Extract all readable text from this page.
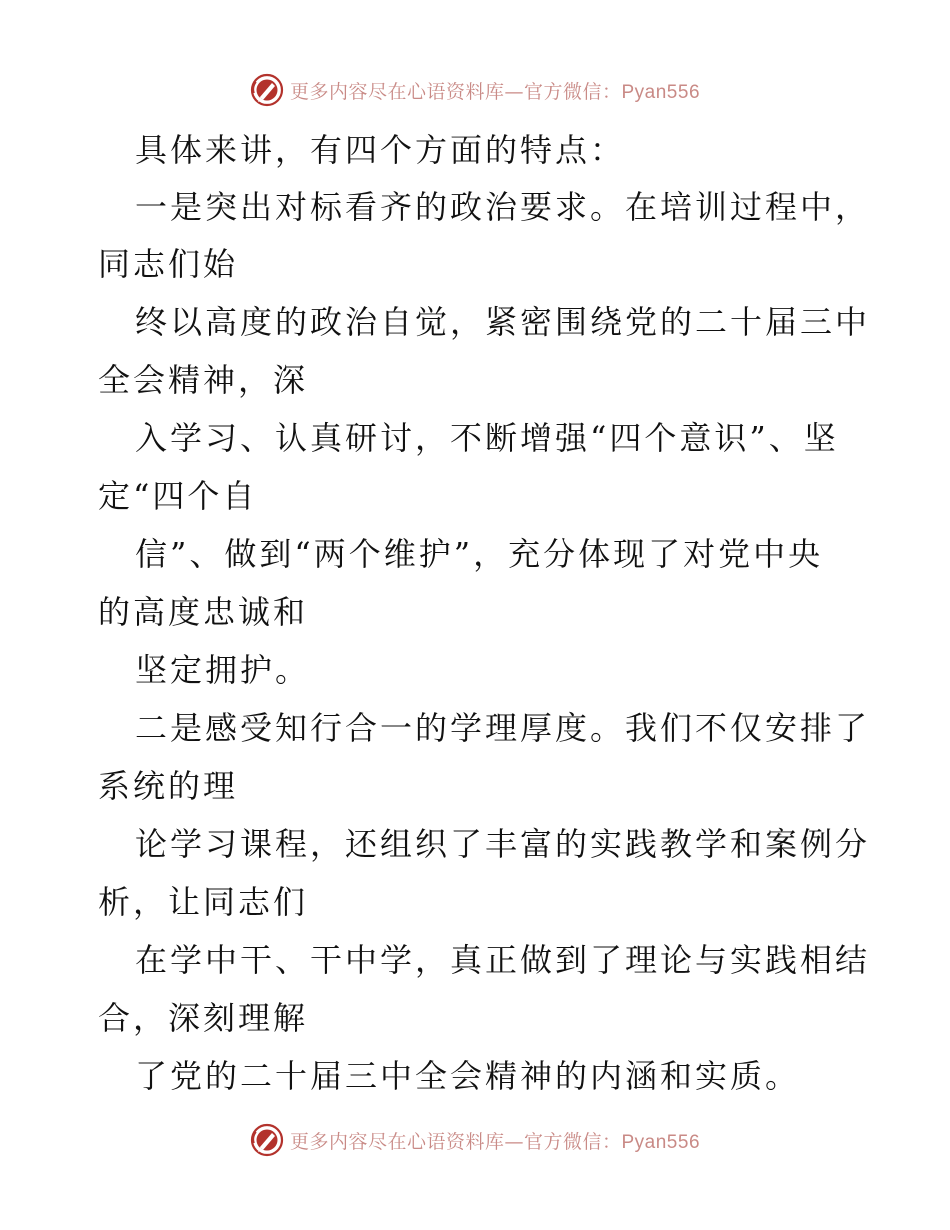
更多内容尽在心语资料库—官方微信：Pyan556
具体来讲，有四个方面的特点：
一是突出对标看齐的政治要求。在培训过程中，
同志们始
终以高度的政治自觉，紧密围绕党的二十届三中
全会精神，深
入学习、认真研讨，不断增强“四个意识”、坚
定“四个自
信”、做到“两个维护”，充分体现了对党中央
的高度忠诚和
坚定拥护。
二是感受知行合一的学理厚度。我们不仅安排了
系统的理
论学习课程，还组织了丰富的实践教学和案例分
析，让同志们
在学中干、干中学，真正做到了理论与实践相结
合，深刻理解
了党的二十届三中全会精神的内涵和实质。
更多内容尽在心语资料库—官方微信：Pyan556
